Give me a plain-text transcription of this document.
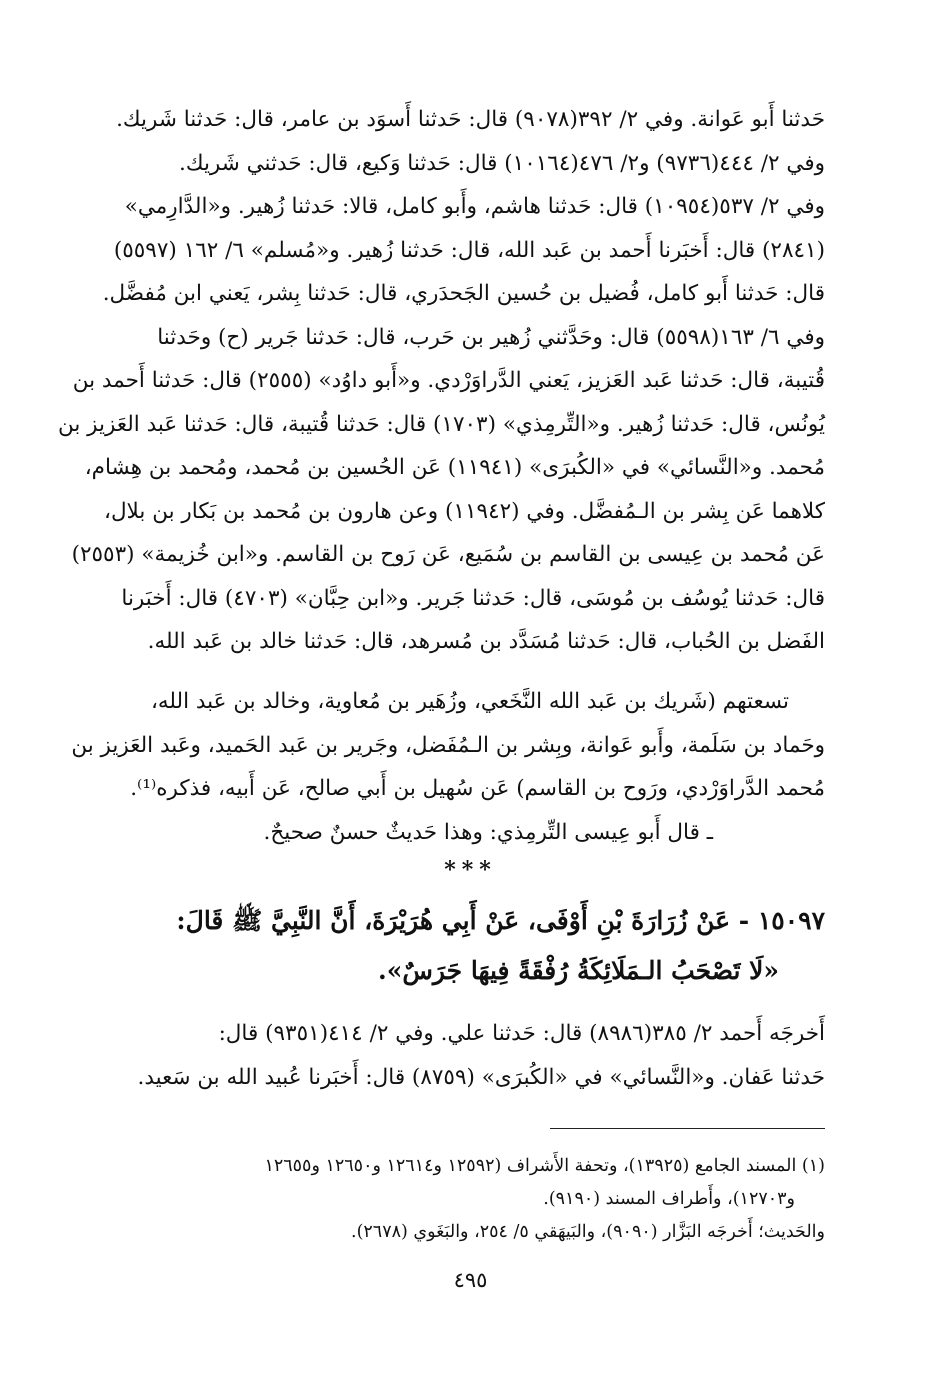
حَدثنا أَبو عَوانة. وفي ٢/ ٣٩٢(٩٠٧٨) قال: حَدثنا أَسوَد بن عامر، قال: حَدثنا شَريك.
وفي ٢/ ٤٤٤(٩٧٣٦) و٢/ ٤٧٦(١٠١٦٤) قال: حَدثنا وَكيع، قال: حَدثني شَريك.
وفي ٢/ ٥٣٧(١٠٩٥٤) قال: حَدثنا هاشم، وأَبو كامل، قالا: حَدثنا زُهير. و«الدَّارِمي»
(٢٨٤١) قال: أَخبَرنا أَحمد بن عَبد الله، قال: حَدثنا زُهير. و«مُسلم» ٦/ ١٦٢ (٥٥٩٧)
قال: حَدثنا أَبو كامل، فُضيل بن حُسين الجَحدَري، قال: حَدثنا بِشر، يَعني ابن مُفضَّل.
وفي ٦/ ١٦٣(٥٥٩٨) قال: وحَدَّثني زُهير بن حَرب، قال: حَدثنا جَرير (ح) وحَدثنا
قُتيبة، قال: حَدثنا عَبد العَزيز، يَعني الدَّراوَرْدي. و«أَبو داوُد» (٢٥٥٥) قال: حَدثنا أَحمد بن
يُونُس، قال: حَدثنا زُهير. و«التِّرمِذي» (١٧٠٣) قال: حَدثنا قُتيبة، قال: حَدثنا عَبد العَزيز بن
مُحمد. و«النَّسائي» في «الكُبرَى» (١١٩٤١) عَن الحُسين بن مُحمد، ومُحمد بن هِشام،
كلاهما عَن بِشر بن الـمُفضَّل. وفي (١١٩٤٢) وعن هارون بن مُحمد بن بَكار بن بلال،
عَن مُحمد بن عِيسى بن القاسم بن سُمَيع، عَن رَوح بن القاسم. و«ابن خُزيمة» (٢٥٥٣)
قال: حَدثنا يُوسُف بن مُوسَى، قال: حَدثنا جَرير. و«ابن حِبَّان» (٤٧٠٣) قال: أَخبَرنا
الفَضل بن الحُباب، قال: حَدثنا مُسَدَّد بن مُسرهد، قال: حَدثنا خالد بن عَبد الله.
تسعتهم (شَريك بن عَبد الله النَّخَعي، وزُهَير بن مُعاوية، وخالد بن عَبد الله،
وحَماد بن سَلَمة، وأَبو عَوانة، وبِشر بن الـمُفَضل، وجَرير بن عَبد الحَميد، وعَبد العَزيز بن
مُحمد الدَّراوَرْدي، ورَوح بن القاسم) عَن سُهيل بن أَبي صالح، عَن أَبيه، فذكره⁽¹⁾.
ـ قال أَبو عِيسى التِّرمِذي: وهذا حَديثٌ حسنٌ صحيحٌ.
***
١٥٠٩٧ - عَنْ زُرَارَةَ بْنِ أَوْفَى، عَنْ أَبِي هُرَيْرَةَ، أَنَّ النَّبِيَّ ﷺ قَالَ:
«لَا تَصْحَبُ الـمَلَائِكَةُ رُفْقَةً فِيهَا جَرَسٌ».
أَخرجَه أَحمد ٢/ ٣٨٥(٨٩٨٦) قال: حَدثنا علي. وفي ٢/ ٤١٤(٩٣٥١) قال:
حَدثنا عَفان. و«النَّسائي» في «الكُبرَى» (٨٧٥٩) قال: أَخبَرنا عُبيد الله بن سَعيد.
(١) المسند الجامع (١٣٩٢٥)، وتحفة الأَشراف (١٢٥٩٢ و١٢٦١٤ و١٢٦٥٠ و١٢٦٥٥
و١٢٧٠٣)، وأَطراف المسند (٩١٩٠).
والحَديث؛ أَخرجَه البَزَّار (٩٠٩٠)، والبَيهَقي ٥/ ٢٥٤، والبَغَوي (٢٦٧٨).
٤٩٥
